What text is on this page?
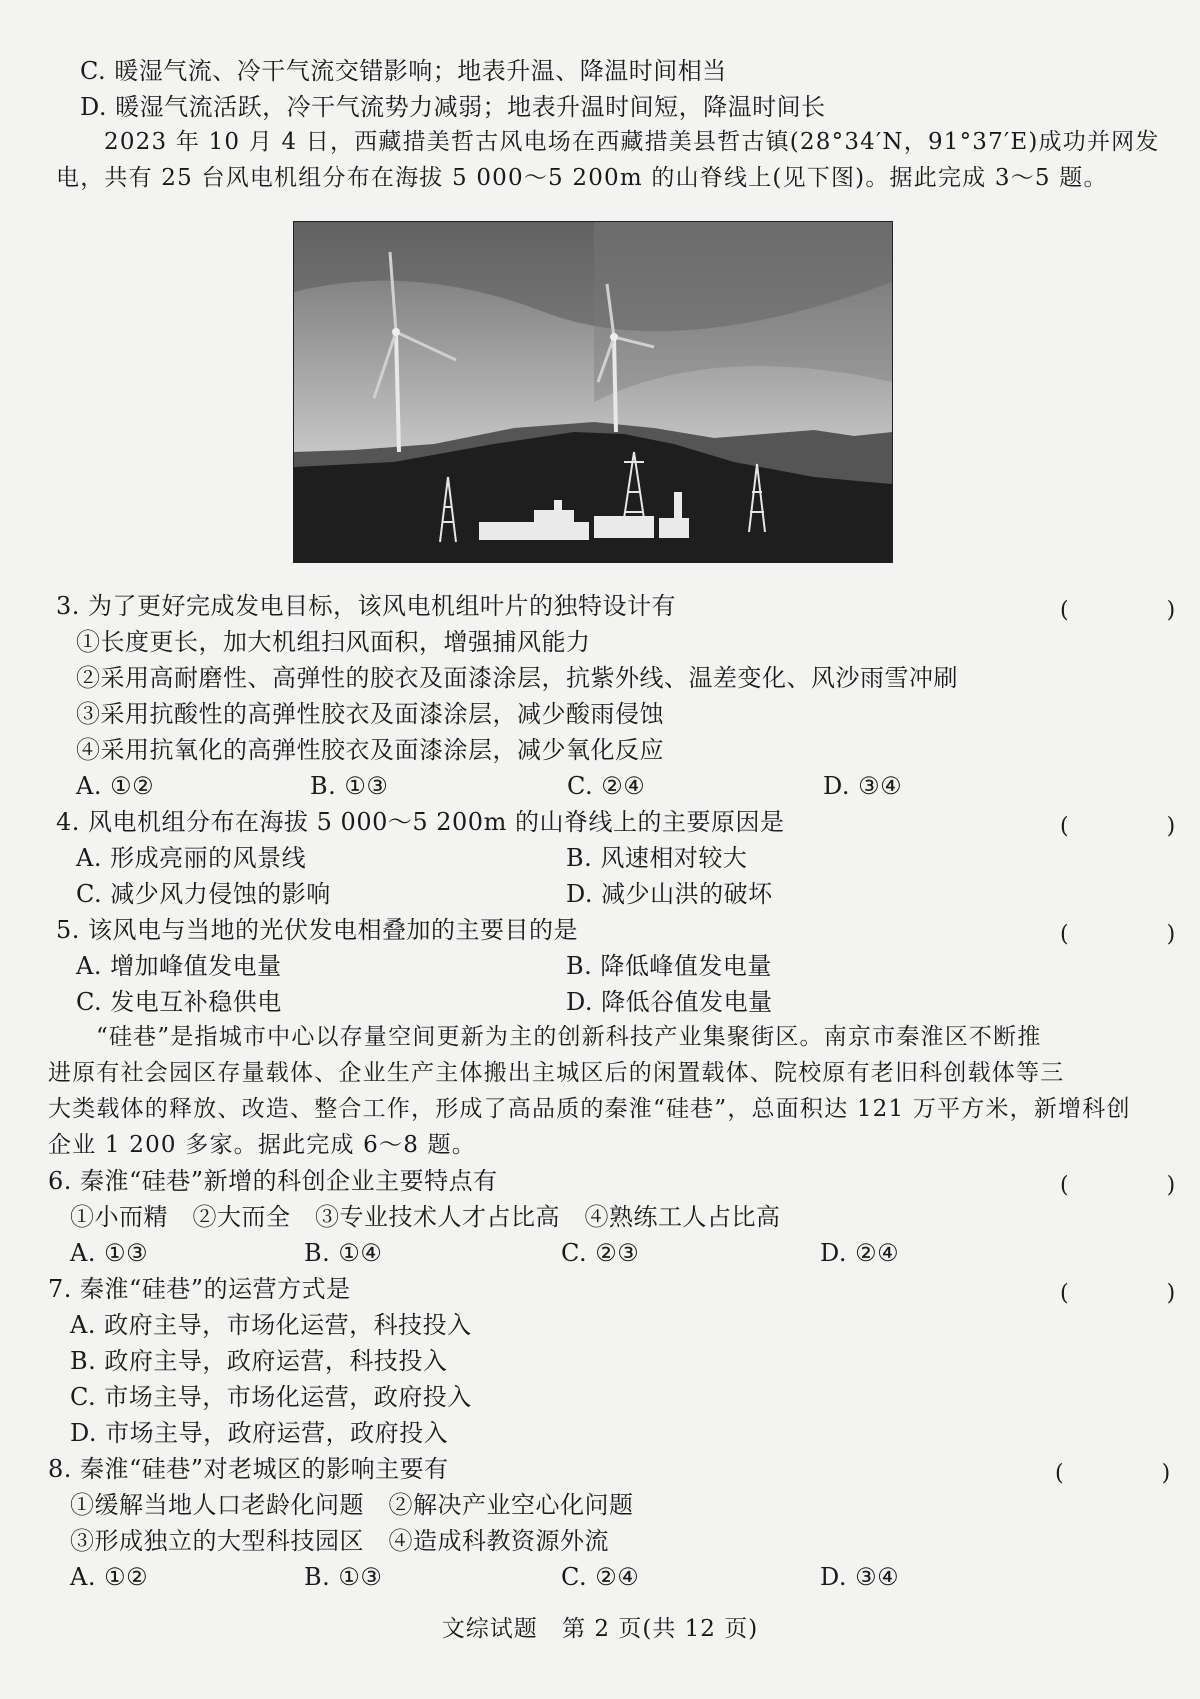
C. 暖湿气流、冷干气流交错影响；地表升温、降温时间相当
D. 暖湿气流活跃，冷干气流势力减弱；地表升温时间短，降温时间长
2023 年 10 月 4 日，西藏措美哲古风电场在西藏措美县哲古镇(28°34′N，91°37′E)成功并网发
电，共有 25 台风电机组分布在海拔 5 000～5 200m 的山脊线上(见下图)。据此完成 3～5 题。
3. 为了更好完成发电目标，该风电机组叶片的独特设计有	(　　)
①长度更长，加大机组扫风面积，增强捕风能力
②采用高耐磨性、高弹性的胶衣及面漆涂层，抗紫外线、温差变化、风沙雨雪冲刷
③采用抗酸性的高弹性胶衣及面漆涂层，减少酸雨侵蚀
④采用抗氧化的高弹性胶衣及面漆涂层，减少氧化反应
A. ①②	B. ①③	C. ②④	D. ③④
4. 风电机组分布在海拔 5 000～5 200m 的山脊线上的主要原因是	(　　)
A. 形成亮丽的风景线	B. 风速相对较大
C. 减少风力侵蚀的影响	D. 减少山洪的破坏
5. 该风电与当地的光伏发电相叠加的主要目的是	(　　)
A. 增加峰值发电量	B. 降低峰值发电量
C. 发电互补稳供电	D. 降低谷值发电量
“硅巷”是指城市中心以存量空间更新为主的创新科技产业集聚街区。南京市秦淮区不断推
进原有社会园区存量载体、企业生产主体搬出主城区后的闲置载体、院校原有老旧科创载体等三
大类载体的释放、改造、整合工作，形成了高品质的秦淮“硅巷”，总面积达 121 万平方米，新增科创
企业 1 200 多家。据此完成 6～8 题。
6. 秦淮“硅巷”新增的科创企业主要特点有	(　　)
①小而精　②大而全　③专业技术人才占比高　④熟练工人占比高
A. ①③	B. ①④	C. ②③	D. ②④
7. 秦淮“硅巷”的运营方式是	(　　)
A. 政府主导，市场化运营，科技投入
B. 政府主导，政府运营，科技投入
C. 市场主导，市场化运营，政府投入
D. 市场主导，政府运营，政府投入
8. 秦淮“硅巷”对老城区的影响主要有	(　　)
①缓解当地人口老龄化问题　②解决产业空心化问题
③形成独立的大型科技园区　④造成科教资源外流
A. ①②	B. ①③	C. ②④	D. ③④
文综试题 第 2 页(共 12 页)
